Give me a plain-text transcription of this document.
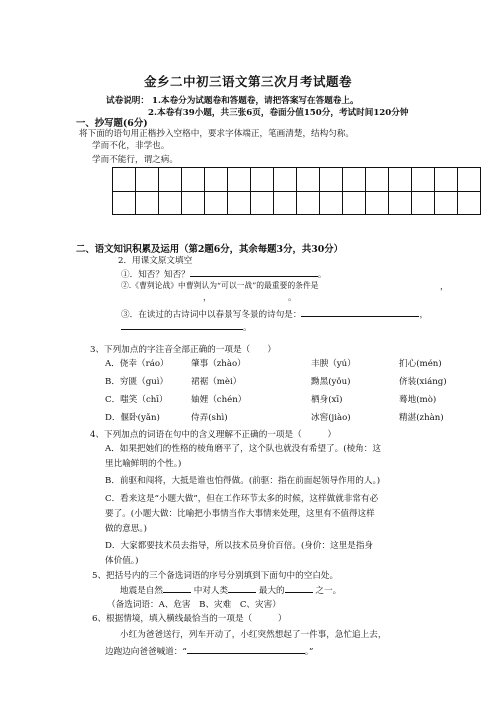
金乡二中初三语文第三次月考试题卷
试卷说明： 1.本卷分为试题卷和答题卷，请把答案写在答题卷上。
2.本卷有39小题，共三张6页，卷面分值150分，考试时间120分钟
一、抄写题(6分)
将下面的语句用正楷抄入空格中，要求字体端正，笔画清楚，结构匀称。
学而不化，非学也。
学而不能行，谓之病。

二、语文知识积累及运用（第2题6分，其余每题3分，共30分）
2．用课文原文填空
①．知否？知否？	。
②.《曹刿论战》中曹刿认为“可以一战”的最重要的条件是	，
，	。
③．在读过的古诗词中以春景写冬景的诗句是：	，
。
3、下列加点的字注音全部正确的一项是（　　）
A．侥幸（ráo）	肇事（zhào）	丰腴（yú）	扪心(mén)
B．穷匮（guì）	裙裾（mèi）	黝黑(yǒu)	侪装(xiáng)
C．嗤笑（chī）	妯娌（chén）	栖身(xī)	蓦地(mò)
D．偃卧(yǎn)	侍弄(shì)	冰窖(jiào)	精湛(zhàn)
4、下列加点的词语在句中的含义理解不正确的一项是（　　　）
A．如果把她们的性格的棱角磨平了，这个队也就没有希望了。(棱角：这
里比喻鲜明的个性。)
B．前驱和闯将，大抵是谁也怕得做。(前驱：指在前面起领导作用的人。)
C．看来这是“小题大做”，但在工作环节太多的时候，这样做就非常有必
要了。(小题大做：比喻把小事情当作大事情来处理，这里有不值得这样
做的意思。)
D．大家都要技术员去指导，所以技术员身价百倍。(身价：这里是指身
体价值。)
5、把括号内的三个备选词语的序号分别填到下面句中的空白处。
地震是自然	中对人类	最大的	之一。
（备选词语：A、危害　B、灾难　C、灾害）
6、根据情境，填入横线最恰当的一项是（　　　）
小红为爸爸送行，列车开动了，小红突然想起了一件事，急忙追上去，
边跑边向爸爸喊道：“	。”
